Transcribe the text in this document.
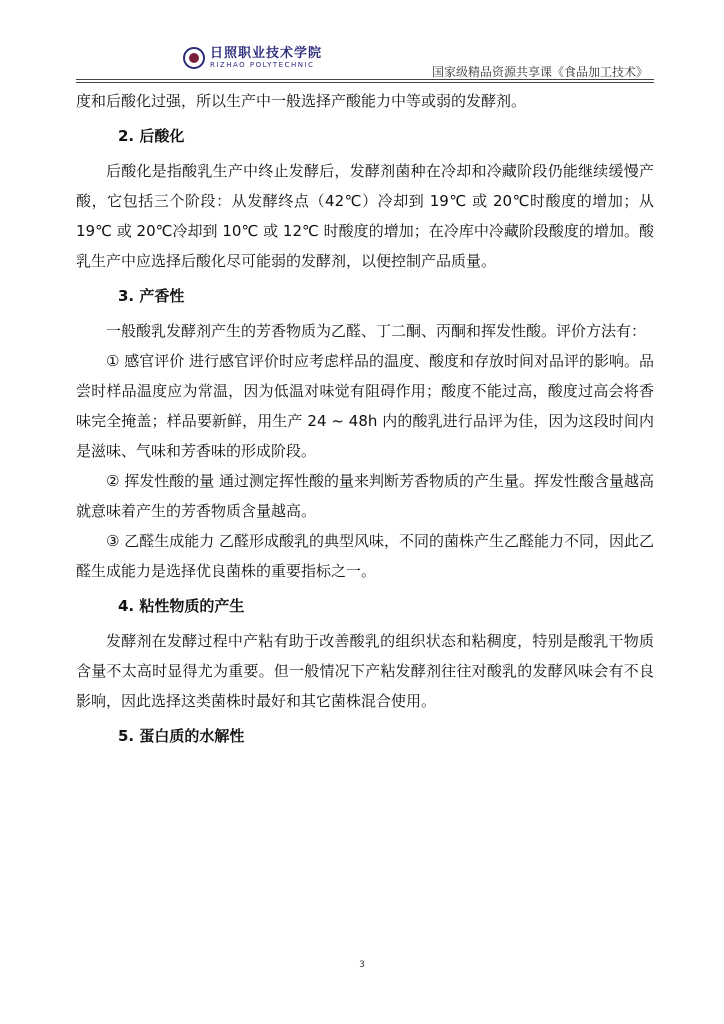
日照职业技术学院
RIZHAO POLYTECHNIC	国家级精品资源共享课《食品加工技术》

度和后酸化过强，所以生产中一般选择产酸能力中等或弱的发酵剂。

2. 后酸化

后酸化是指酸乳生产中终止发酵后，发酵剂菌种在冷却和冷藏阶段仍能继续缓慢产酸，它包括三个阶段：从发酵终点（42℃）冷却到 19℃ 或 20℃时酸度的增加；从 19℃ 或 20℃冷却到 10℃ 或 12℃ 时酸度的增加；在冷库中冷藏阶段酸度的增加。酸乳生产中应选择后酸化尽可能弱的发酵剂，以便控制产品质量。

3. 产香性

一般酸乳发酵剂产生的芳香物质为乙醛、丁二酮、丙酮和挥发性酸。评价方法有：

① 感官评价 进行感官评价时应考虑样品的温度、酸度和存放时间对品评的影响。品尝时样品温度应为常温，因为低温对味觉有阻碍作用；酸度不能过高，酸度过高会将香味完全掩盖；样品要新鲜，用生产 24 ~ 48h 内的酸乳进行品评为佳，因为这段时间内是滋味、气味和芳香味的形成阶段。

② 挥发性酸的量 通过测定挥性酸的量来判断芳香物质的产生量。挥发性酸含量越高就意味着产生的芳香物质含量越高。

③ 乙醛生成能力 乙醛形成酸乳的典型风味，不同的菌株产生乙醛能力不同，因此乙醛生成能力是选择优良菌株的重要指标之一。

4. 粘性物质的产生

发酵剂在发酵过程中产粘有助于改善酸乳的组织状态和粘稠度，特别是酸乳干物质含量不太高时显得尤为重要。但一般情况下产粘发酵剂往往对酸乳的发酵风味会有不良影响，因此选择这类菌株时最好和其它菌株混合使用。

5. 蛋白质的水解性

3
